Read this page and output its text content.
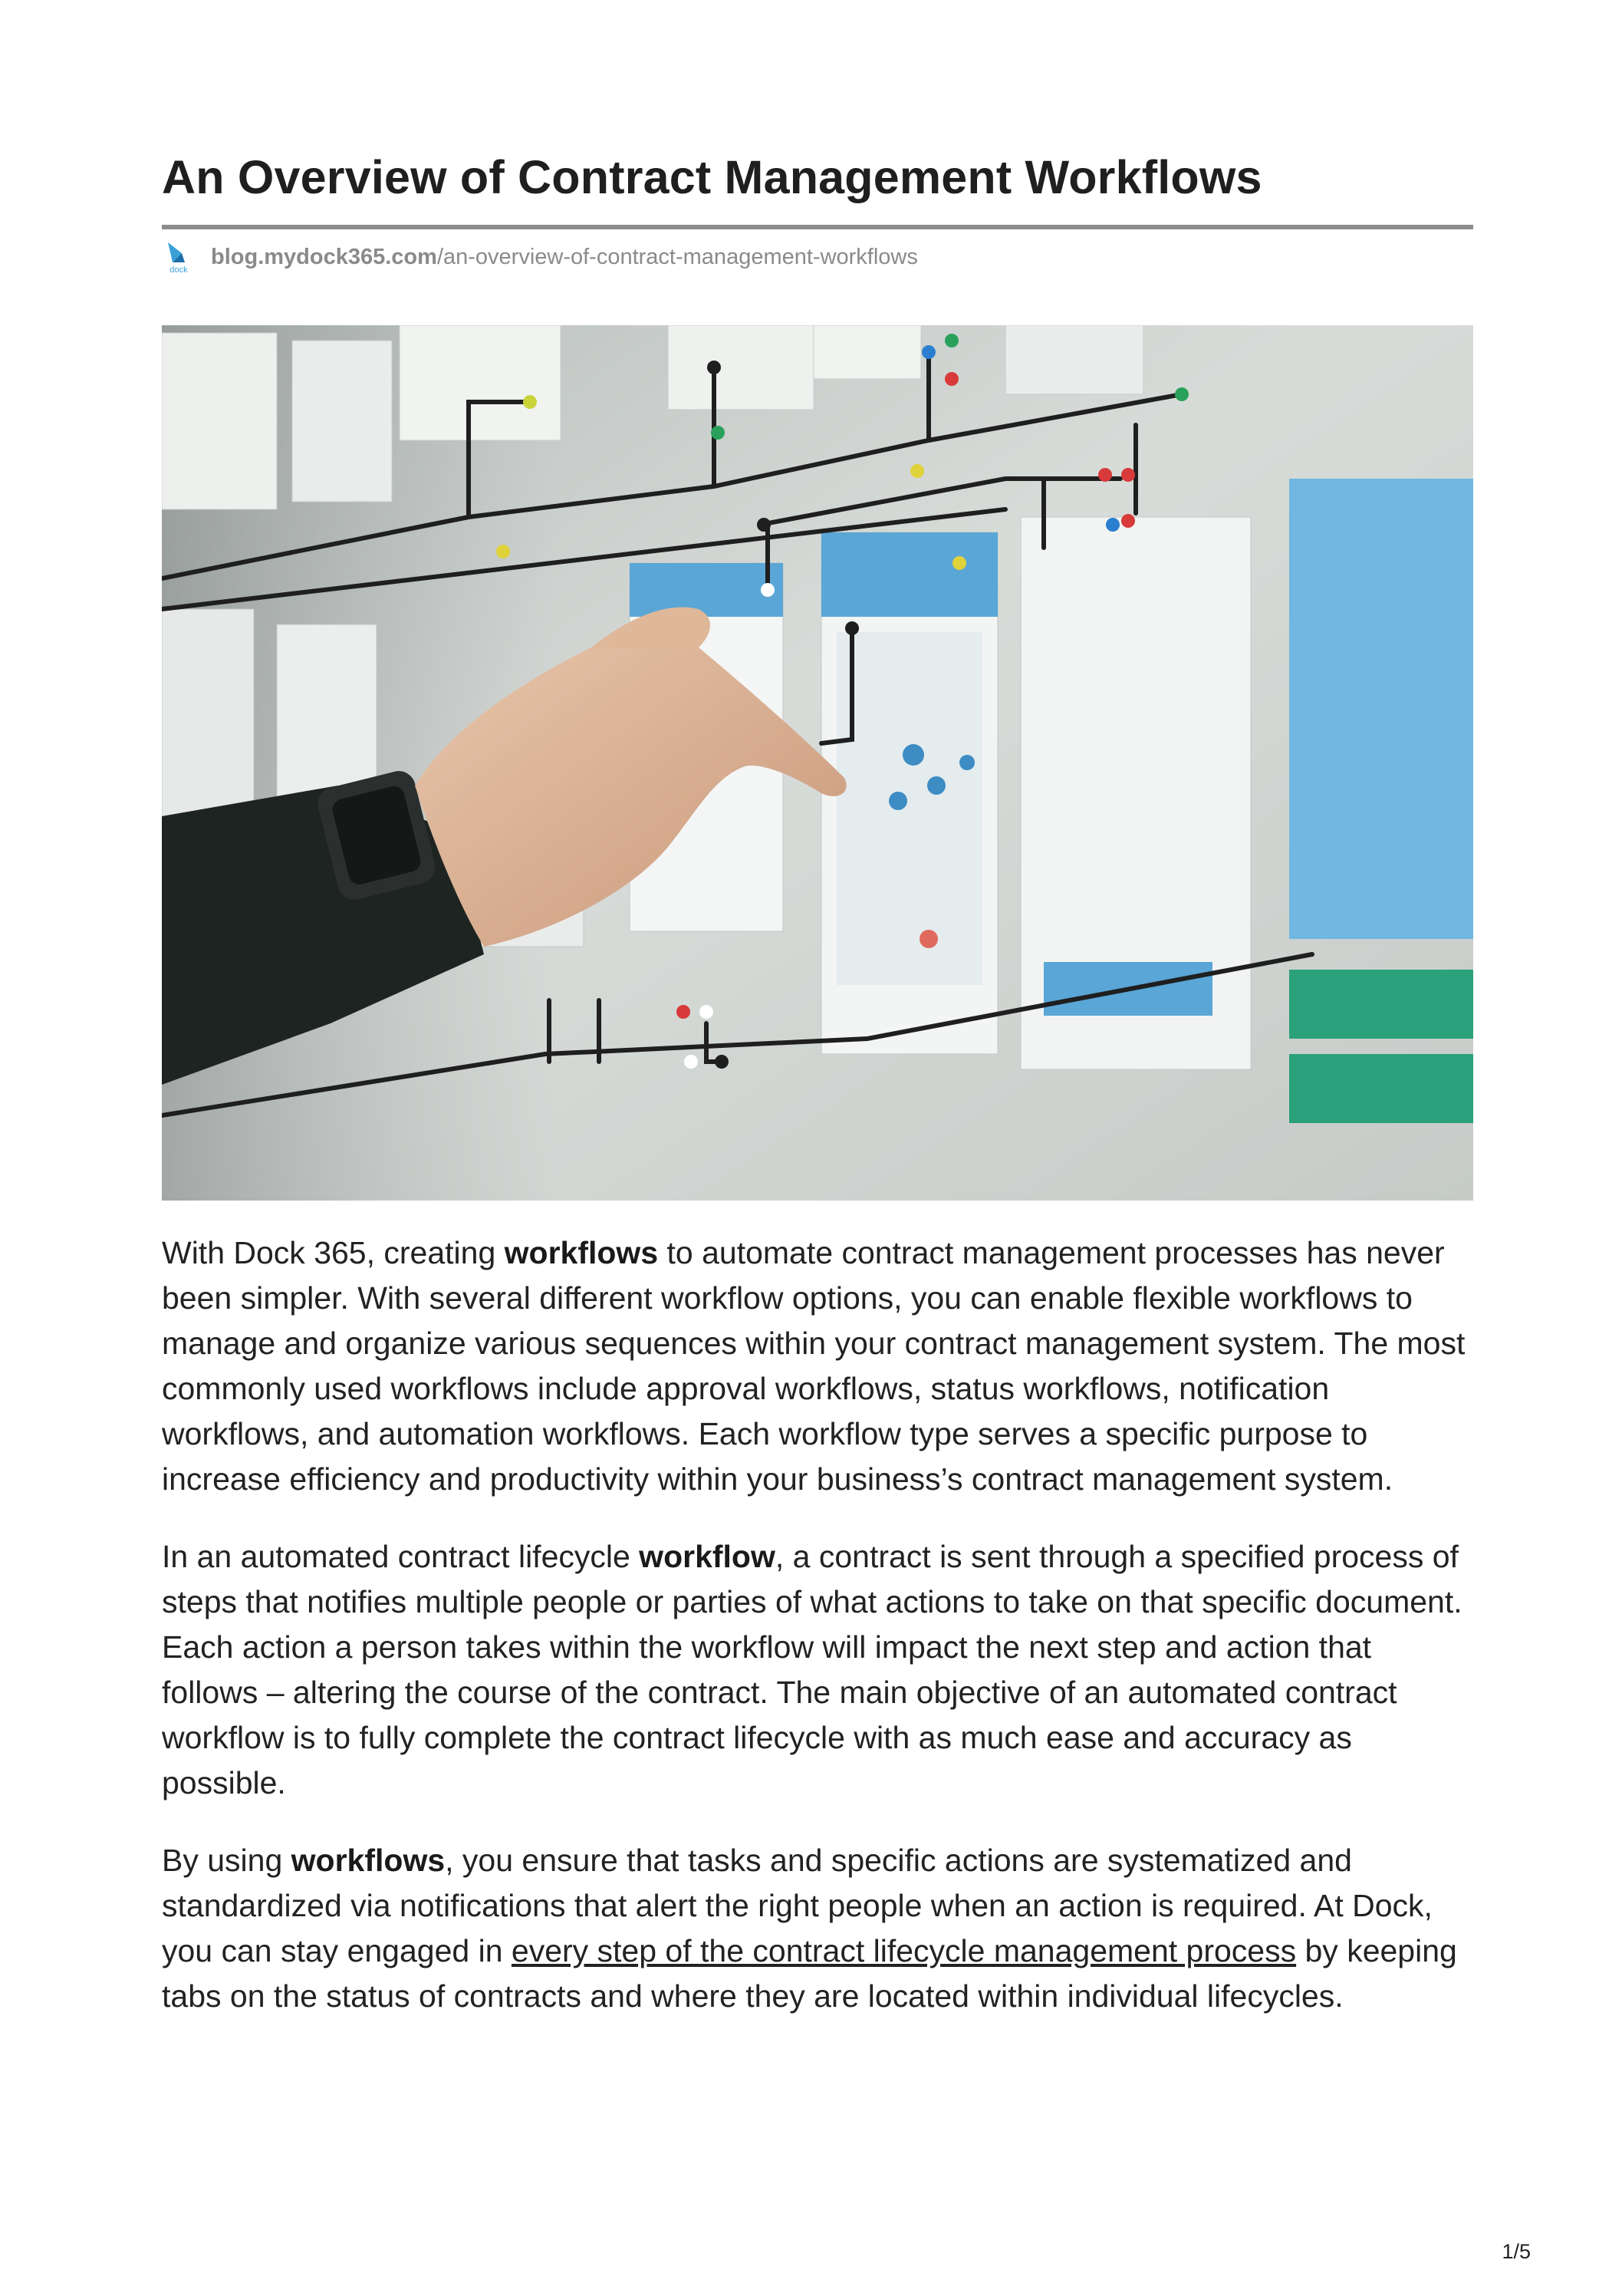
An Overview of Contract Management Workflows
dock
blog.mydock365.com /an-overview-of-contract-management-workflows

With Dock 365, creating workflows to automate contract management processes has never been simpler. With several different workflow options, you can enable flexible workflows to manage and organize various sequences within your contract management system. The most commonly used workflows include approval workflows, status workflows, notification workflows, and automation workflows. Each workflow type serves a specific purpose to increase efficiency and productivity within your business’s contract management system.

In an automated contract lifecycle workflow, a contract is sent through a specified process of steps that notifies multiple people or parties of what actions to take on that specific document. Each action a person takes within the workflow will impact the next step and action that follows – altering the course of the contract. The main objective of an automated contract workflow is to fully complete the contract lifecycle with as much ease and accuracy as possible.

By using workflows, you ensure that tasks and specific actions are systematized and standardized via notifications that alert the right people when an action is required. At Dock, you can stay engaged in every step of the contract lifecycle management process by keeping tabs on the status of contracts and where they are located within individual lifecycles.

1/5
